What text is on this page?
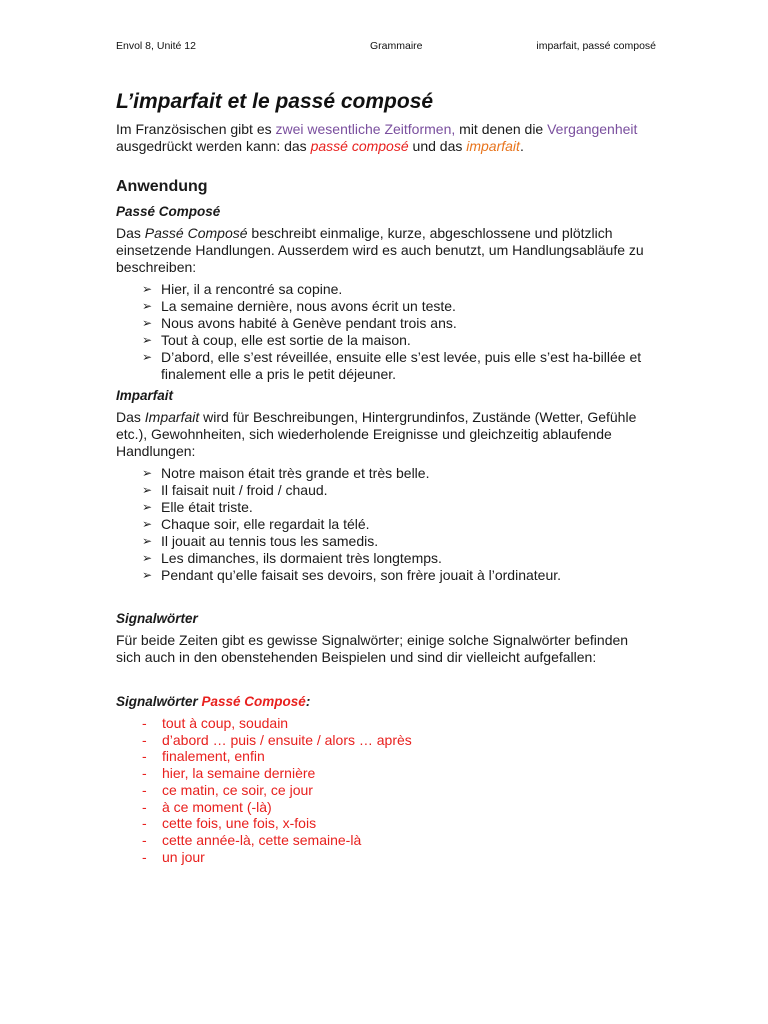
Envol 8, Unité 12	Grammaire	imparfait, passé composé
L’imparfait et le passé composé

Im Französischen gibt es zwei wesentliche Zeitformen, mit denen die Vergangenheit ausgedrückt werden kann: das passé composé und das imparfait.

Anwendung
Passé Composé

Das Passé Composé beschreibt einmalige, kurze, abgeschlossene und plötzlich einsetzende Handlungen. Ausserdem wird es auch benutzt, um Handlungsabläufe zu beschreiben:

➢ Hier, il a rencontré sa copine.
➢ La semaine dernière, nous avons écrit un teste.
➢ Nous avons habité à Genève pendant trois ans.
➢ Tout à coup, elle est sortie de la maison.
➢ D’abord, elle s’est réveillée, ensuite elle s’est levée, puis elle s’est ha-billée et finalement elle a pris le petit déjeuner.
Imparfait

Das Imparfait wird für Beschreibungen, Hintergrundinfos, Zustände (Wetter, Gefühle etc.), Gewohnheiten, sich wiederholende Ereignisse und gleichzeitig ablaufende Handlungen:

➢ Notre maison était très grande et très belle.
➢ Il faisait nuit / froid / chaud.
➢ Elle était triste.
➢ Chaque soir, elle regardait la télé.
➢ Il jouait au tennis tous les samedis.
➢ Les dimanches, ils dormaient très longtemps.
➢ Pendant qu’elle faisait ses devoirs, son frère jouait à l’ordinateur.
Signalwörter

Für beide Zeiten gibt es gewisse Signalwörter; einige solche Signalwörter befinden sich auch in den obenstehenden Beispielen und sind dir vielleicht aufgefallen:

Signalwörter Passé Composé:
- tout à coup, soudain
- d’abord … puis / ensuite / alors … après
- finalement, enfin
- hier, la semaine dernière
- ce matin, ce soir, ce jour
- à ce moment (-là)
- cette fois, une fois, x-fois
- cette année-là, cette semaine-là
- un jour
